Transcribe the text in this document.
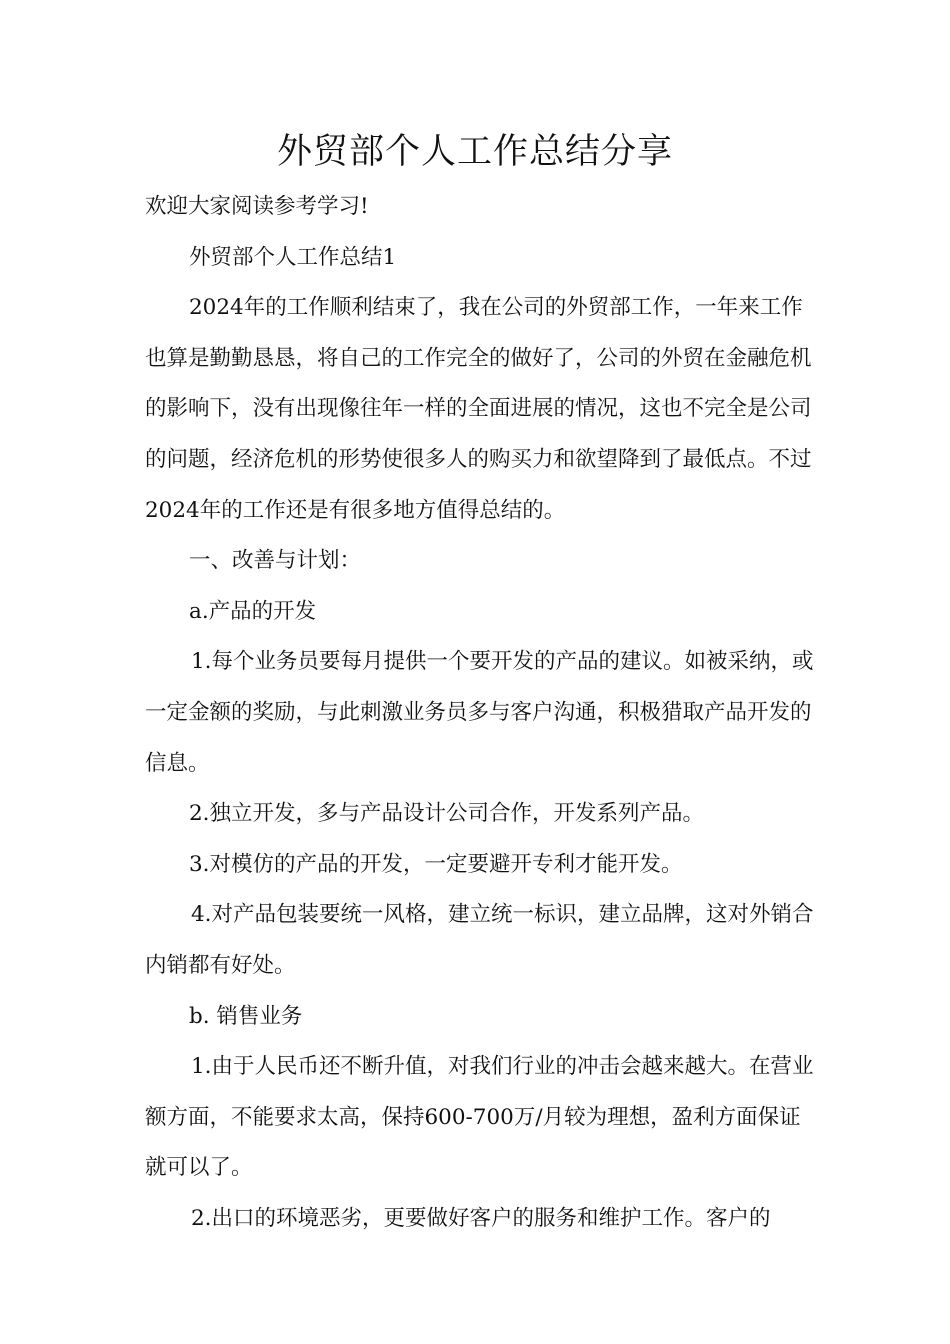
外贸部个人工作总结分享

欢迎大家阅读参考学习!

外贸部个人工作总结1

2024年的工作顺利结束了，我在公司的外贸部工作，一年来工作也算是勤勤恳恳，将自己的工作完全的做好了，公司的外贸在金融危机的影响下，没有出现像往年一样的全面进展的情况，这也不完全是公司的问题，经济危机的形势使很多人的购买力和欲望降到了最低点。不过2024年的工作还是有很多地方值得总结的。

一、改善与计划：

a.产品的开发

1.每个业务员要每月提供一个要开发的产品的建议。如被采纳，或一定金额的奖励，与此刺激业务员多与客户沟通，积极猎取产品开发的信息。

2.独立开发，多与产品设计公司合作，开发系列产品。

3.对模仿的产品的开发，一定要避开专利才能开发。

4.对产品包装要统一风格，建立统一标识，建立品牌，这对外销合内销都有好处。

b. 销售业务

1.由于人民币还不断升值，对我们行业的冲击会越来越大。在营业额方面，不能要求太高，保持600-700万/月较为理想，盈利方面保证就可以了。

2.出口的环境恶劣，更要做好客户的服务和维护工作。客户的
